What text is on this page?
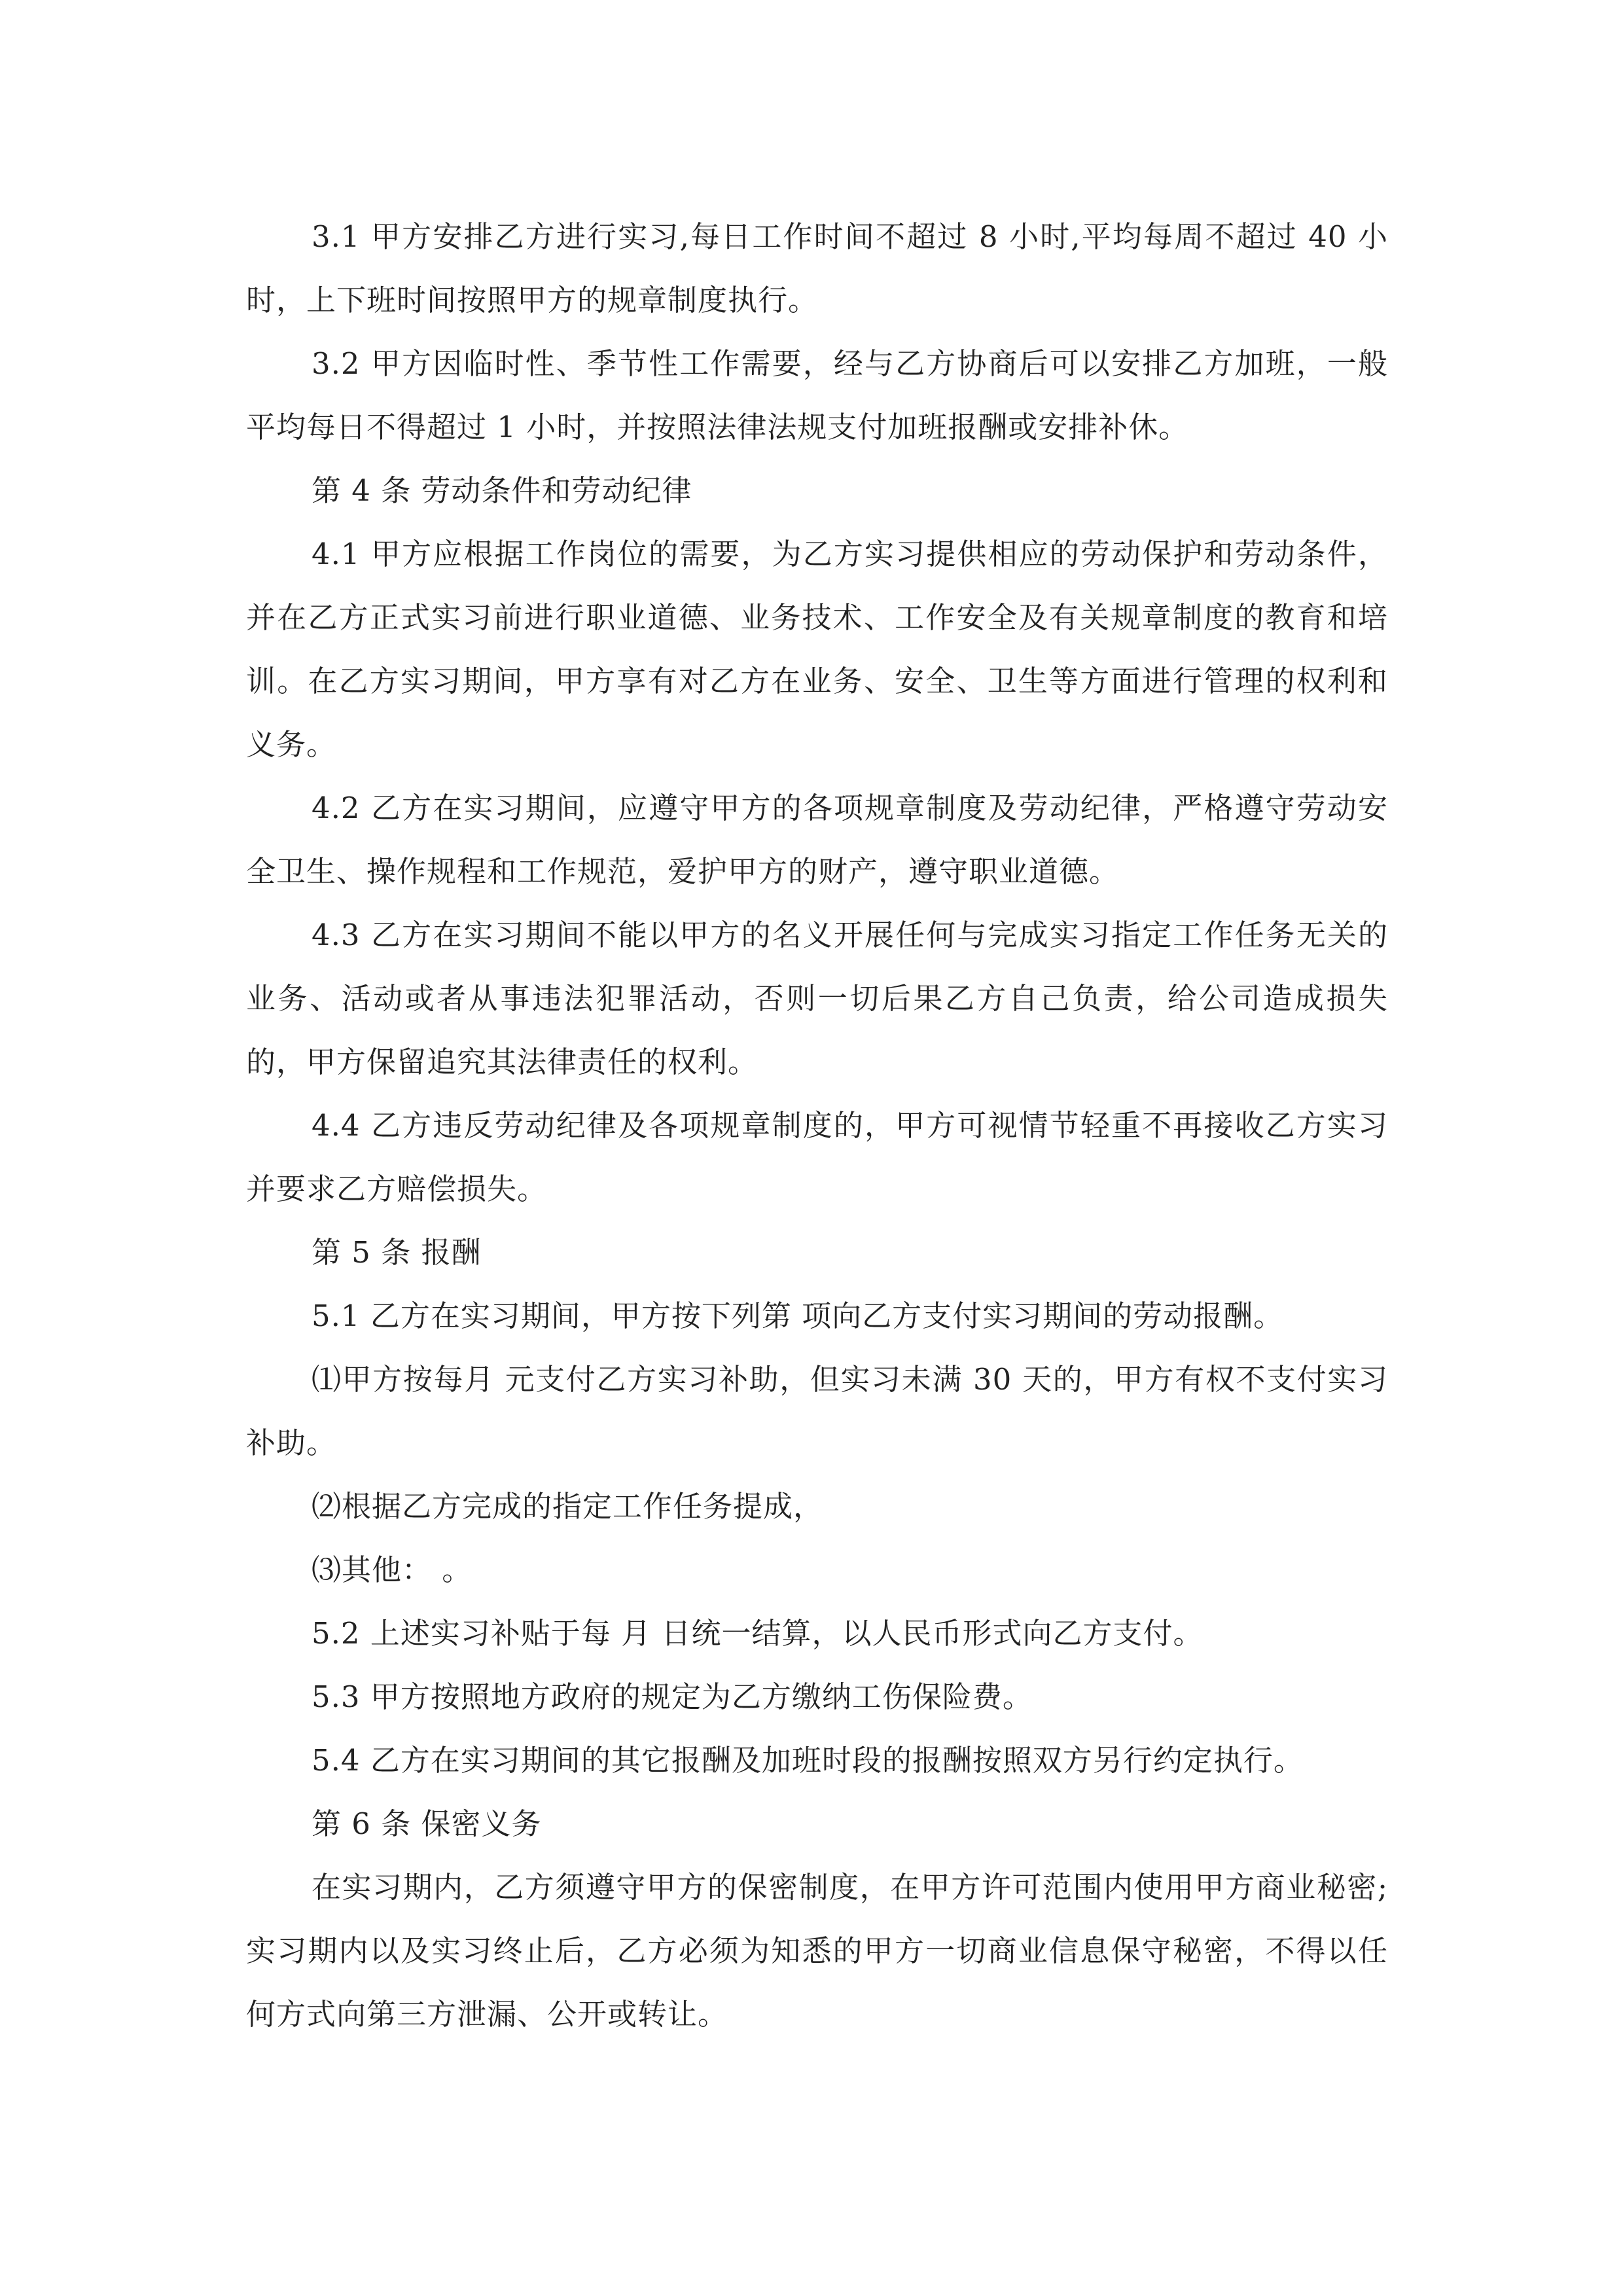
3.1 甲方安排乙方进行实习,每日工作时间不超过 8 小时,平均每周不超过 40 小时，上下班时间按照甲方的规章制度执行。

3.2 甲方因临时性、季节性工作需要，经与乙方协商后可以安排乙方加班，一般平均每日不得超过 1 小时，并按照法律法规支付加班报酬或安排补休。

第 4 条 劳动条件和劳动纪律

4.1 甲方应根据工作岗位的需要，为乙方实习提供相应的劳动保护和劳动条件，并在乙方正式实习前进行职业道德、业务技术、工作安全及有关规章制度的教育和培训。在乙方实习期间，甲方享有对乙方在业务、安全、卫生等方面进行管理的权利和义务。

4.2 乙方在实习期间，应遵守甲方的各项规章制度及劳动纪律，严格遵守劳动安全卫生、操作规程和工作规范，爱护甲方的财产，遵守职业道德。

4.3 乙方在实习期间不能以甲方的名义开展任何与完成实习指定工作任务无关的业务、活动或者从事违法犯罪活动，否则一切后果乙方自己负责，给公司造成损失的，甲方保留追究其法律责任的权利。

4.4 乙方违反劳动纪律及各项规章制度的，甲方可视情节轻重不再接收乙方实习并要求乙方赔偿损失。

第 5 条 报酬

5.1 乙方在实习期间，甲方按下列第 项向乙方支付实习期间的劳动报酬。

⑴甲方按每月 元支付乙方实习补助，但实习未满 30 天的，甲方有权不支付实习补助。

⑵根据乙方完成的指定工作任务提成，

⑶其他： 。

5.2 上述实习补贴于每 月 日统一结算，以人民币形式向乙方支付。

5.3 甲方按照地方政府的规定为乙方缴纳工伤保险费。

5.4 乙方在实习期间的其它报酬及加班时段的报酬按照双方另行约定执行。

第 6 条 保密义务

在实习期内，乙方须遵守甲方的保密制度，在甲方许可范围内使用甲方商业秘密;实习期内以及实习终止后，乙方必须为知悉的甲方一切商业信息保守秘密，不得以任何方式向第三方泄漏、公开或转让。
